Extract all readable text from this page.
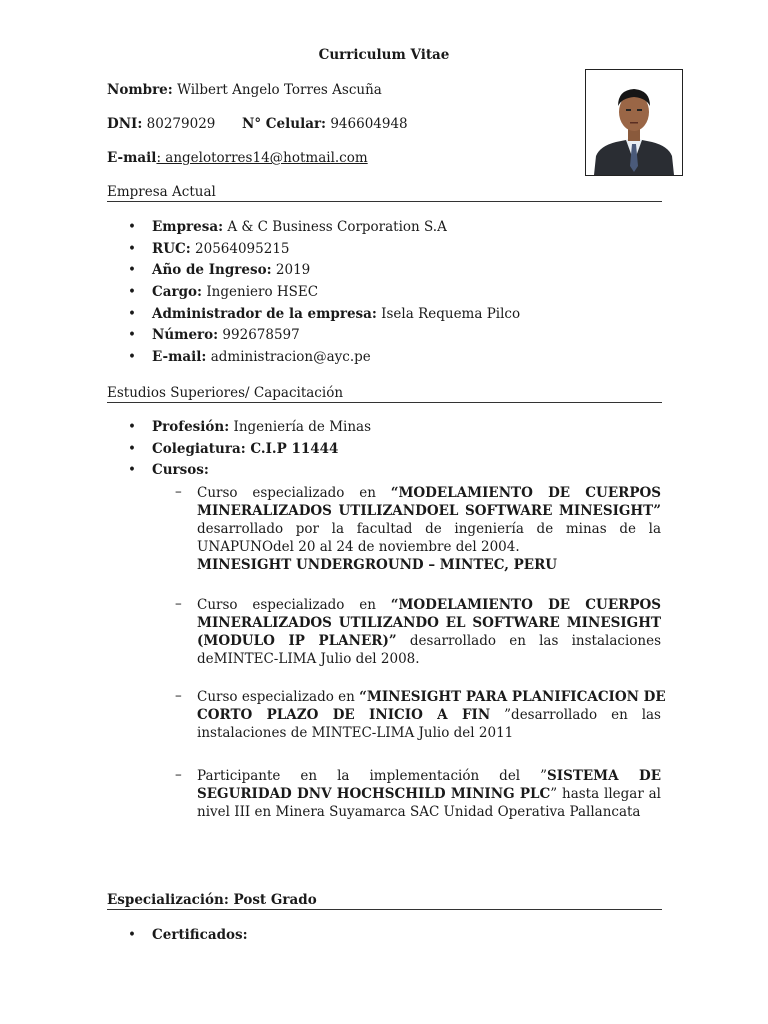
Curriculum Vitae
Nombre: Wilbert Angelo Torres Ascuña
DNI: 80279029 N° Celular: 946604948
E-mail: angelotorres14@hotmail.com
Empresa Actual
• Empresa: A & C Business Corporation S.A
• RUC: 20564095215
• Año de Ingreso: 2019
• Cargo: Ingeniero HSEC
• Administrador de la empresa: Isela Requema Pilco
• Número: 992678597
• E-mail: administracion@ayc.pe
Estudios Superiores/ Capacitación
• Profesión: Ingeniería de Minas
• Colegiatura: C.I.P 11444
• Cursos:
– Curso especializado en “MODELAMIENTO DE CUERPOS
MINERALIZADOS UTILIZANDOEL SOFTWARE MINESIGHT”
desarrollado por la facultad de ingeniería de minas de la
UNAPUNOdel 20 al 24 de noviembre del 2004.
MINESIGHT UNDERGROUND – MINTEC, PERU
– Curso especializado en “MODELAMIENTO DE CUERPOS
MINERALIZADOS UTILIZANDO EL SOFTWARE MINESIGHT
(MODULO IP PLANER)” desarrollado en las instalaciones
deMINTEC-LIMA Julio del 2008.
– Curso especializado en “MINESIGHT PARA PLANIFICACION DE
CORTO PLAZO DE INICIO A FIN ”desarrollado en las
instalaciones de MINTEC-LIMA Julio del 2011
– Participante en la implementación del ”SISTEMA DE
SEGURIDAD DNV HOCHSCHILD MINING PLC” hasta llegar al
nivel III en Minera Suyamarca SAC Unidad Operativa Pallancata
Especialización: Post Grado
• Certificados:
